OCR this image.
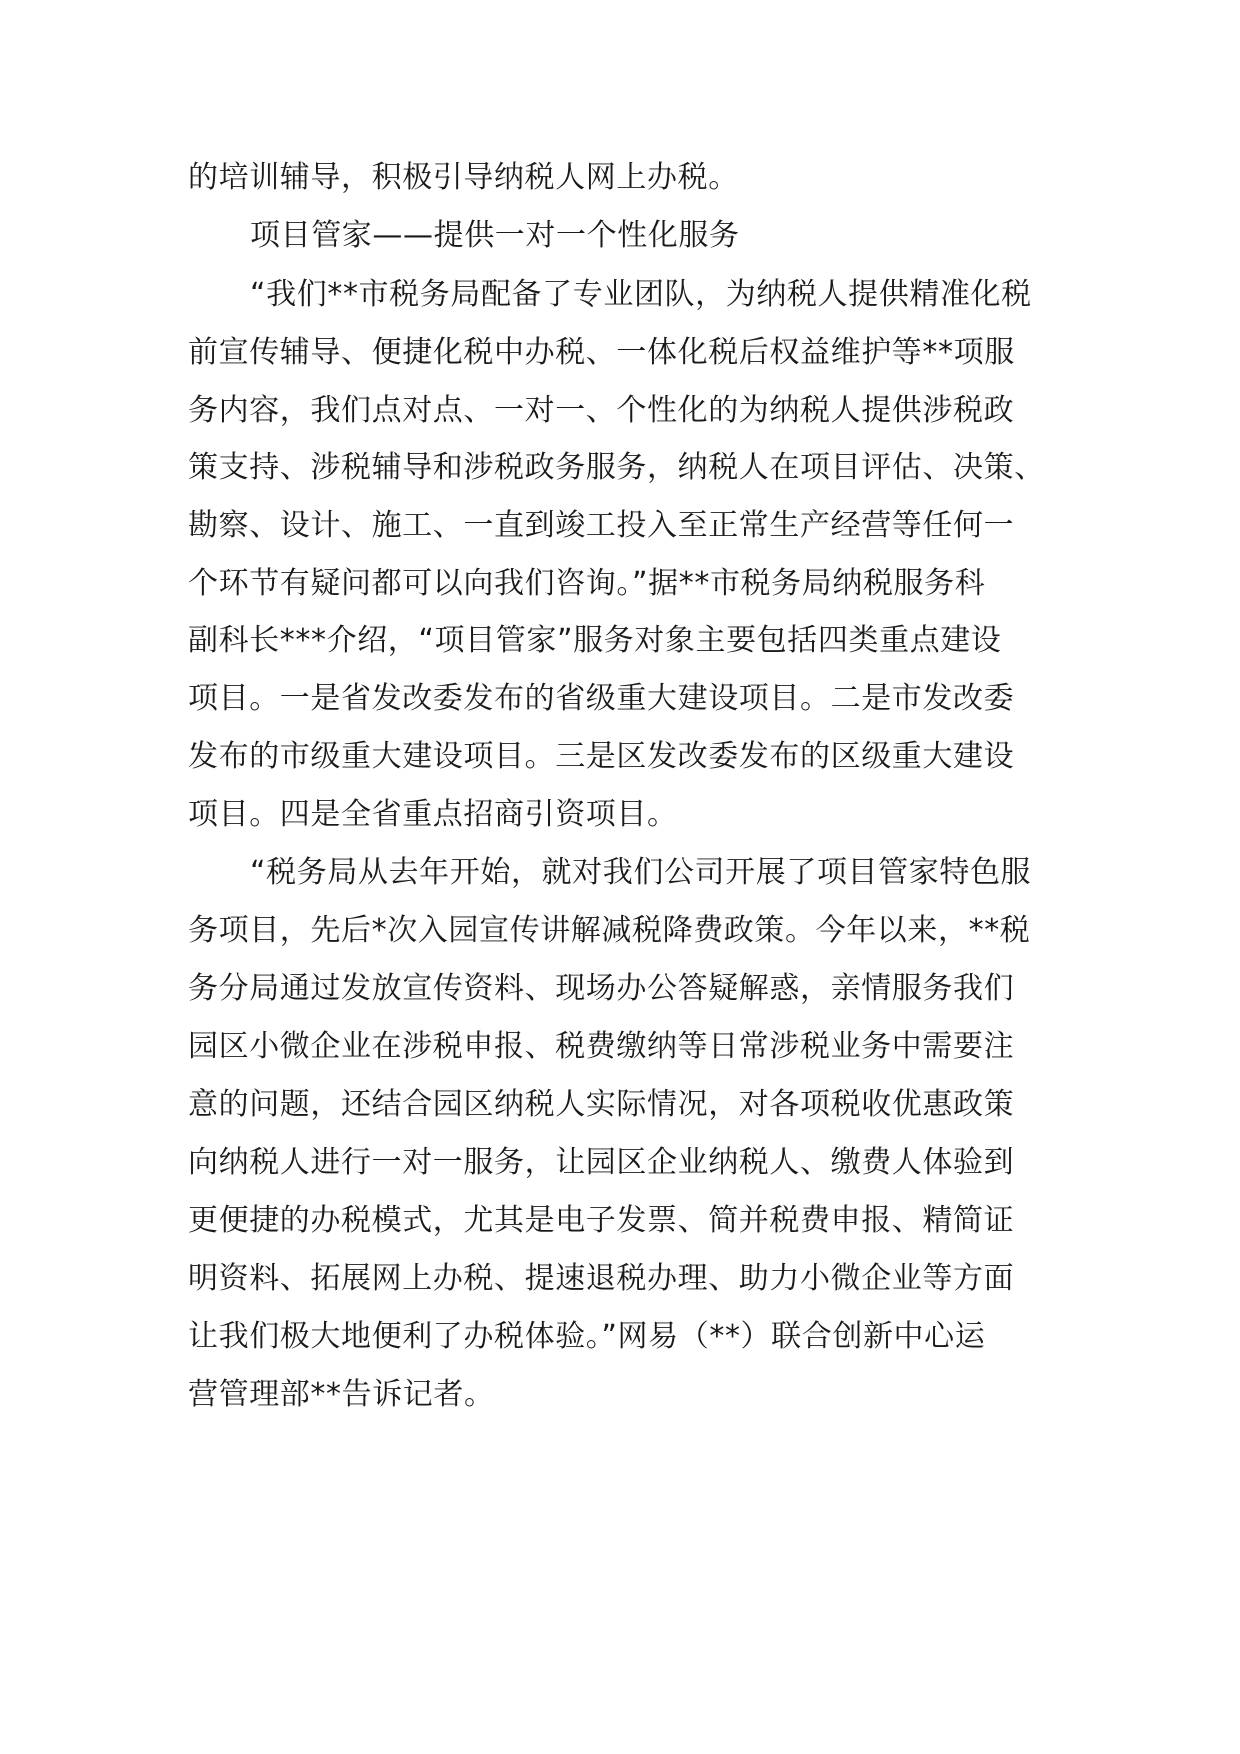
的培训辅导，积极引导纳税人网上办税。

项目管家——提供一对一个性化服务

“我们**市税务局配备了专业团队，为纳税人提供精准化税

前宣传辅导、便捷化税中办税、一体化税后权益维护等**项服

务内容，我们点对点、一对一、个性化的为纳税人提供涉税政

策支持、涉税辅导和涉税政务服务，纳税人在项目评估、决策、

勘察、设计、施工、一直到竣工投入至正常生产经营等任何一

个环节有疑问都可以向我们咨询。”据**市税务局纳税服务科

副科长***介绍，“项目管家”服务对象主要包括四类重点建设

项目。一是省发改委发布的省级重大建设项目。二是市发改委

发布的市级重大建设项目。三是区发改委发布的区级重大建设

项目。四是全省重点招商引资项目。

“税务局从去年开始，就对我们公司开展了项目管家特色服

务项目，先后*次入园宣传讲解减税降费政策。今年以来，**税

务分局通过发放宣传资料、现场办公答疑解惑，亲情服务我们

园区小微企业在涉税申报、税费缴纳等日常涉税业务中需要注

意的问题，还结合园区纳税人实际情况，对各项税收优惠政策

向纳税人进行一对一服务，让园区企业纳税人、缴费人体验到

更便捷的办税模式，尤其是电子发票、简并税费申报、精简证

明资料、拓展网上办税、提速退税办理、助力小微企业等方面

让我们极大地便利了办税体验。”网易（**）联合创新中心运

营管理部**告诉记者。
